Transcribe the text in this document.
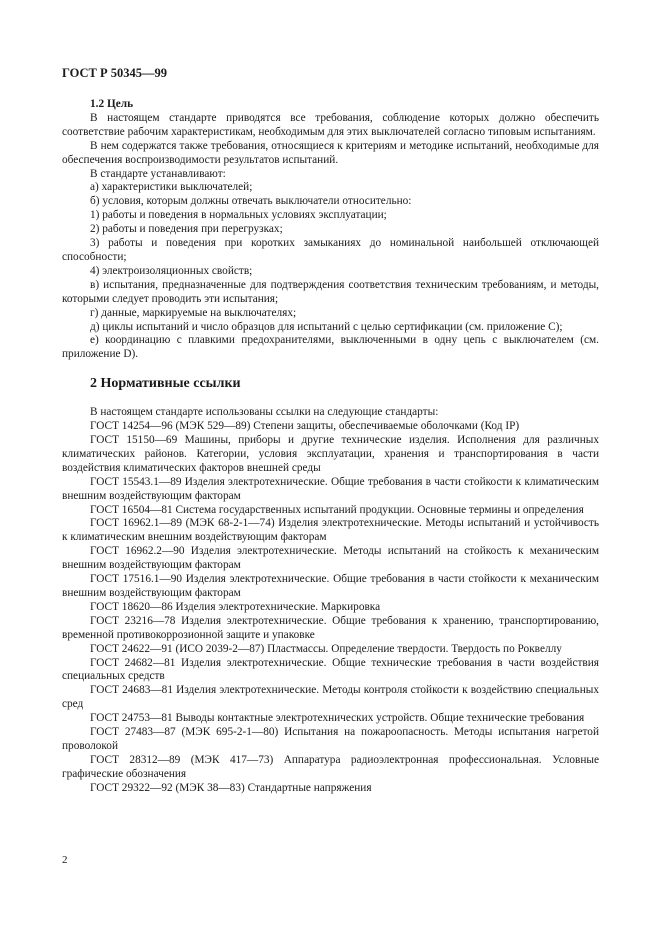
ГОСТ Р 50345—99

1.2 Цель

В настоящем стандарте приводятся все требования, соблюдение которых должно обеспечить соответствие рабочим характеристикам, необходимым для этих выключателей согласно типовым испытаниям.

В нем содержатся также требования, относящиеся к критериям и методике испытаний, необходимые для обеспечения воспроизводимости результатов испытаний.

В стандарте устанавливают:

а) характеристики выключателей;

б) условия, которым должны отвечать выключатели относительно:

1) работы и поведения в нормальных условиях эксплуатации;

2) работы и поведения при перегрузках;

3) работы и поведения при коротких замыканиях до номинальной наибольшей отключающей способности;

4) электроизоляционных свойств;

в) испытания, предназначенные для подтверждения соответствия техническим требованиям, и методы, которыми следует проводить эти испытания;

г) данные, маркируемые на выключателях;

д) циклы испытаний и число образцов для испытаний с целью сертификации (см. приложение С);

е) координацию с плавкими предохранителями, выключенными в одну цепь с выключателем (см. приложение D).

2 Нормативные ссылки

В настоящем стандарте использованы ссылки на следующие стандарты:

ГОСТ 14254—96 (МЭК 529—89) Степени защиты, обеспечиваемые оболочками (Код IP)

ГОСТ 15150—69 Машины, приборы и другие технические изделия. Исполнения для различных климатических районов. Категории, условия эксплуатации, хранения и транспортирования в части воздействия климатических факторов внешней среды

ГОСТ 15543.1—89 Изделия электротехнические. Общие требования в части стойкости к климатическим внешним воздействующим факторам

ГОСТ 16504—81 Система государственных испытаний продукции. Основные термины и определения

ГОСТ 16962.1—89 (МЭК 68-2-1—74) Изделия электротехнические. Методы испытаний и устойчивость к климатическим внешним воздействующим факторам

ГОСТ 16962.2—90 Изделия электротехнические. Методы испытаний на стойкость к механическим внешним воздействующим факторам

ГОСТ 17516.1—90 Изделия электротехнические. Общие требования в части стойкости к механическим внешним воздействующим факторам

ГОСТ 18620—86 Изделия электротехнические. Маркировка

ГОСТ 23216—78 Изделия электротехнические. Общие требования к хранению, транспортированию, временной противокоррозионной защите и упаковке

ГОСТ 24622—91 (ИСО 2039-2—87) Пластмассы. Определение твердости. Твердость по Роквеллу

ГОСТ 24682—81 Изделия электротехнические. Общие технические требования в части воздействия специальных средств

ГОСТ 24683—81 Изделия электротехнические. Методы контроля стойкости к воздействию специальных сред

ГОСТ 24753—81 Выводы контактные электротехнических устройств. Общие технические требования

ГОСТ 27483—87 (МЭК 695-2-1—80) Испытания на пожароопасность. Методы испытания нагретой проволокой

ГОСТ 28312—89 (МЭК 417—73) Аппаратура радиоэлектронная профессиональная. Условные графические обозначения

ГОСТ 29322—92 (МЭК 38—83) Стандартные напряжения

2
